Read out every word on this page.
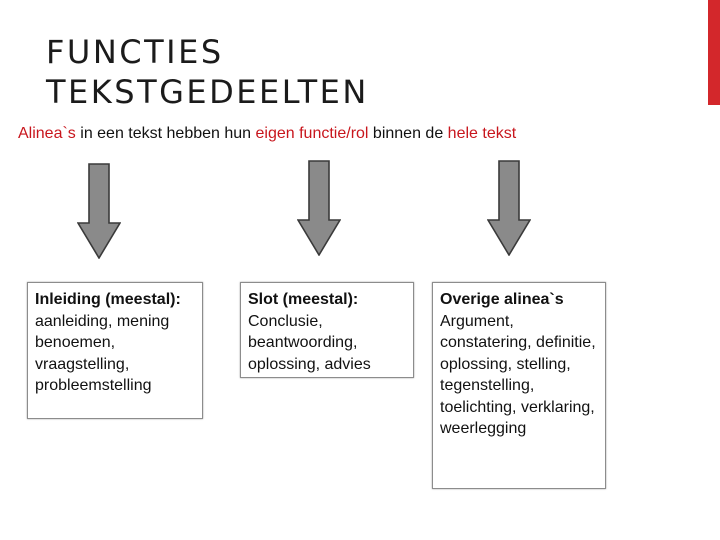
FUNCTIES
TEKSTGEDEELTEN

Alinea`s in een tekst hebben hun eigen functie/rol binnen de hele tekst

Inleiding (meestal):
aanleiding, mening benoemen, vraagstelling, probleemstelling
Slot (meestal):
Conclusie, beantwoording, oplossing, advies
Overige alinea`s
Argument, constatering, definitie, oplossing, stelling, tegenstelling, toelichting, verklaring, weerlegging
